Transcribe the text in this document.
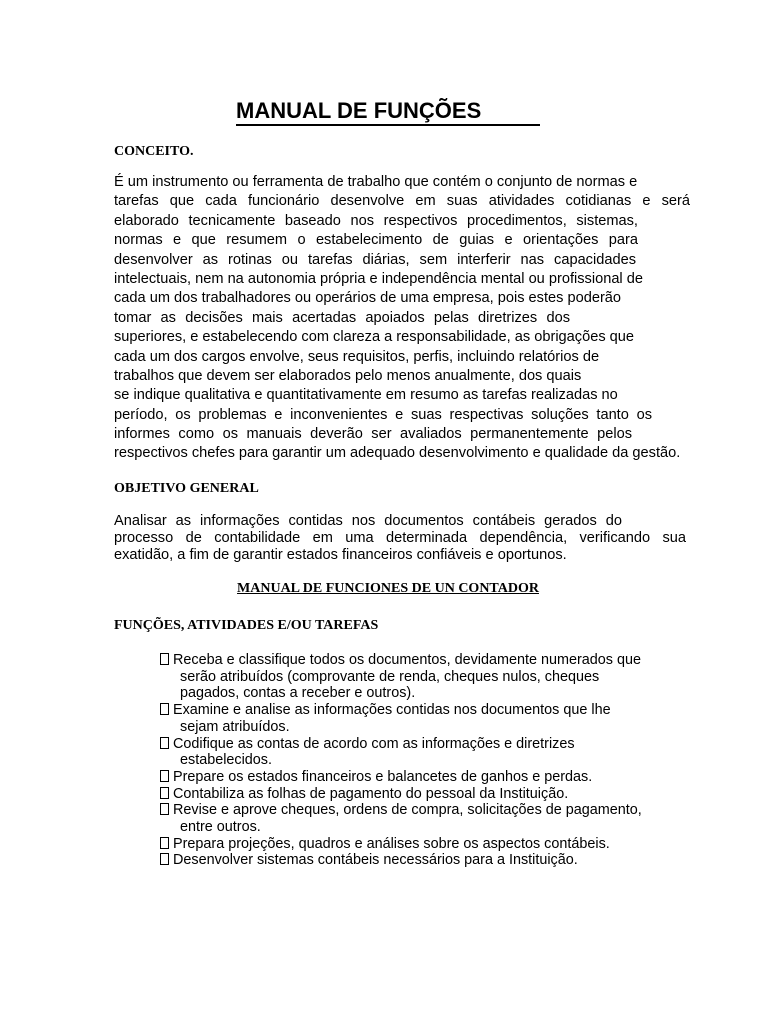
MANUAL DE FUNÇÕES
CONCEITO.
É um instrumento ou ferramenta de trabalho que contém o conjunto de normas e
tarefas que cada funcionário desenvolve em suas atividades cotidianas e será
elaborado tecnicamente baseado nos respectivos procedimentos, sistemas,
normas e que resumem o estabelecimento de guias e orientações para
desenvolver as rotinas ou tarefas diárias, sem interferir nas capacidades
intelectuais, nem na autonomia própria e independência mental ou profissional de
cada um dos trabalhadores ou operários de uma empresa, pois estes poderão
tomar as decisões mais acertadas apoiados pelas diretrizes dos
superiores, e estabelecendo com clareza a responsabilidade, as obrigações que
cada um dos cargos envolve, seus requisitos, perfis, incluindo relatórios de
trabalhos que devem ser elaborados pelo menos anualmente, dos quais
se indique qualitativa e quantitativamente em resumo as tarefas realizadas no
período, os problemas e inconvenientes e suas respectivas soluções tanto os
informes como os manuais deverão ser avaliados permanentemente pelos
respectivos chefes para garantir um adequado desenvolvimento e qualidade da gestão.
OBJETIVO GENERAL
Analisar as informações contidas nos documentos contábeis gerados do
processo de contabilidade em uma determinada dependência, verificando sua
exatidão, a fim de garantir estados financeiros confiáveis e oportunos.
MANUAL DE FUNCIONES DE UN CONTADOR
FUNÇÕES, ATIVIDADES E/OU TAREFAS
Receba e classifique todos os documentos, devidamente numerados que
serão atribuídos (comprovante de renda, cheques nulos, cheques
pagados, contas a receber e outros).
Examine e analise as informações contidas nos documentos que lhe
sejam atribuídos.
Codifique as contas de acordo com as informações e diretrizes
estabelecidos.
Prepare os estados financeiros e balancetes de ganhos e perdas.
Contabiliza as folhas de pagamento do pessoal da Instituição.
Revise e aprove cheques, ordens de compra, solicitações de pagamento,
entre outros.
Prepara projeções, quadros e análises sobre os aspectos contábeis.
Desenvolver sistemas contábeis necessários para a Instituição.
